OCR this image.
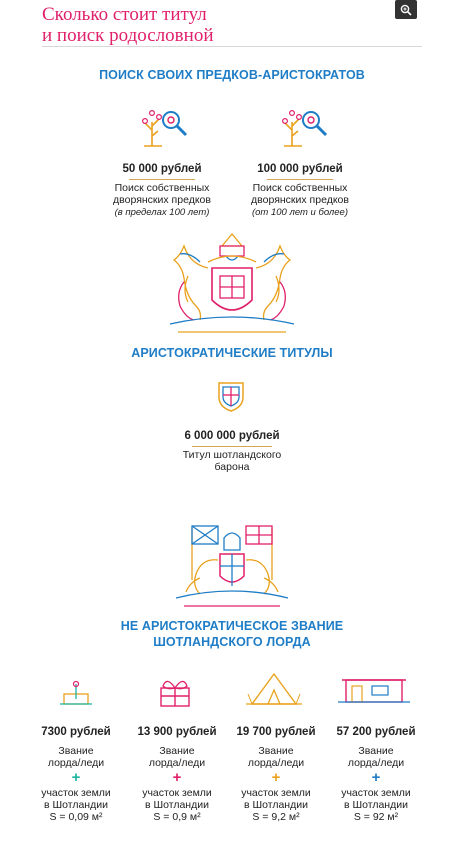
Сколько стоит титул
и поиск родословной
ПОИСК СВОИХ ПРЕДКОВ-АРИСТОКРАТОВ
50 000 рублей
Поиск собственных
дворянских предков
(в пределах 100 лет)
100 000 рублей
Поиск собственных
дворянских предков
(от 100 лет и более)
АРИСТОКРАТИЧЕСКИЕ ТИТУЛЫ
6 000 000 рублей
Титул шотландского
барона
НЕ АРИСТОКРАТИЧЕСКОЕ ЗВАНИЕ
ШОТЛАНДСКОГО ЛОРДА
7300 рублей
Звание
лорда/леди
+
участок земли
в Шотландии
S = 0,09 м²
13 900 рублей
Звание
лорда/леди
+
участок земли
в Шотландии
S = 0,9 м²
19 700 рублей
Звание
лорда/леди
+
участок земли
в Шотландии
S = 9,2 м²
57 200 рублей
Звание
лорда/леди
+
участок земли
в Шотландии
S = 92 м²
